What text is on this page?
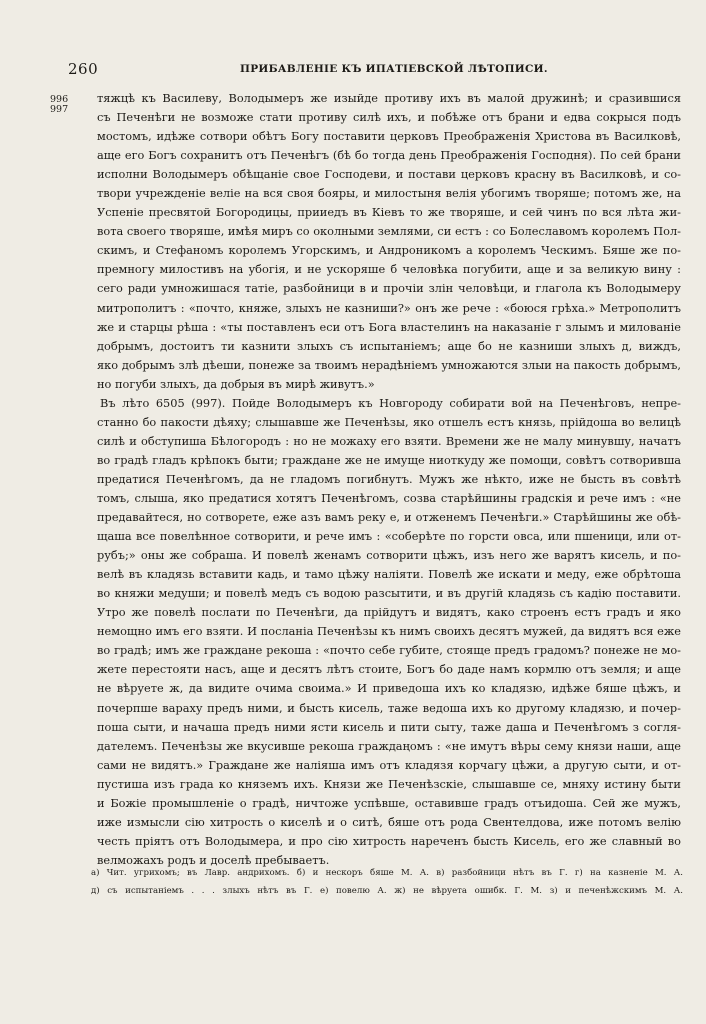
260	ПРИБАВЛЕНІЕ КЪ ИПАТІЕВСКОЙ ЛѢТОПИСИ.
996
997
тяжцѣ къ Василеву, Володымеръ же изыйде противу ихъ въ малой дружинѣ; и сразившися
съ Печенѣги не возможе стати противу силѣ ихъ, и побѣже отъ брани и едва сокрыся подъ
мостомъ, идѣже сотвори обѣтъ Богу поставити церковъ Преображенія Христова въ Василковѣ,
аще его Богъ сохранитъ отъ Печенѣгъ (бѣ бо тогда день Преображенія Господня). По сей брани
исполни Володымеръ обѣщаніе свое Господеви, и постави церковъ красну въ Василковѣ, и со-
твори учрежденіе веліе на вся своя бояры, и милостыня велія убогимъ творяше; потомъ же, на
Успеніе пресвятой Богородицы, прииедъ въ Кіевъ то же творяше, и сей чинъ по вся лѣта жи-
вота своего творяше, имѣя миръ со околными землями, си естъ : со Болеславомъ королемъ Пол-
скимъ, и Стефаномъ королемъ Угорскимъ, и Андроникомъ а королемъ Ческимъ. Бяше же по-
премногу милостивъ на убогія, и не ускоряше б человѣка погубити, аще и за великую вину :
сего ради умножишася татіе, разбойници в и прочіи злін человѣци, и глагола къ Володымеру
митрополитъ : «почто, княже, злыхъ не казниши?» онъ же рече : «боюся грѣха.» Метрополитъ
же и старцы рѣша : «ты поставленъ еси отъ Бога властелинъ на наказаніе г злымъ и милованіе
добрымъ, достоитъ ти казнити злыхъ съ испытаніемъ; аще бо не казниши злыхъ д, виждъ,
яко добрымъ злѣ дѣеши, понеже за твоимъ нерадѣніемъ умножаются злыи на пакость добрымъ,
но погуби злыхъ, да добрыя въ мирѣ живутъ.»
Въ лѣто 6505 (997). Пойде Володымеръ къ Новгороду собирати вой на Печенѣговъ, непре-
станно бо пакости дѣяху; слышавше же Печенѣзы, яко отшелъ естъ князь, прійдоша во велицѣ
силѣ и обступиша Бѣлогородъ : но не можаху его взяти. Времени же не малу минувшу, начатъ
во градѣ гладъ крѣпокъ быти; граждане же не имуще ниоткуду же помощи, совѣтъ сотворивша
предатися Печенѣгомъ, да не гладомъ погибнутъ. Мужъ же нѣкто, иже не бысть въ совѣтѣ
томъ, слыша, яко предатися хотятъ Печенѣгомъ, созва старѣйшины градскія и рече имъ : «не
предавайтеся, но сотворете, еже азъ вамъ реку е, и отженемъ Печенѣги.» Старѣйшины же обѣ-
щаша все повелѣнное сотворити, и рече имъ : «соберѣте по горсти овса, или пшеници, или от-
рубъ;» оны же собраша. И повелѣ женамъ сотворити цѣжъ, изъ него же варятъ кисель, и по-
велѣ въ кладязь вставити кадь, и тамо цѣжу наліяти. Повелѣ же искати и меду, еже обрѣтоша
во княжи медуши; и повелѣ медъ съ водою разсытити, и въ другій кладязь съ кадію поставити.
Утро же повелѣ послати по Печенѣги, да прійдутъ и видятъ, како строенъ естъ градъ и яко
немощно имъ его взяти. И посланіа Печенѣзы къ нимъ своихъ десятъ мужей, да видятъ вся еже
во градѣ; имъ же граждане рекоша : «почто себе губите, стояще предъ градомъ? понеже не мо-
жете перестояти насъ, аще и десятъ лѣтъ стоите, Богъ бо даде намъ кормлю отъ земля; и аще
не вѣруете ж, да видите очима своима.» И приведоша ихъ ко кладязю, идѣже бяше цѣжъ, и
почерпше вараху предъ ними, и бысть кисель, таже ведоша ихъ ко другому кладязю, и почер-
поша сыти, и начаша предъ ними ясти кисель и пити сыту, таже даша и Печенѣгомъ з согля-
дателемъ. Печенѣзы же вкусивше рекоша граждаңомъ : «не имутъ вѣры сему князи наши, аще
сами не видятъ.» Граждане же наліяша имъ отъ кладязя корчагу цѣжи, а другую сыти, и от-
пустиша изъ града ко княземъ ихъ. Князи же Печенѣзскіе, слышавше се, мняху истину быти
и Божіе промышленіе о градѣ, ничтоже успѣвше, оставивше градъ отъидоша. Сей же мужъ,
иже измысли сію хитрость о киселѣ и о ситѣ, бяше отъ рода Свентелдова, иже потомъ велію
честь пріятъ отъ Володымера, и про сію хитрость нареченъ бысть Кисель, его же славный во
велможахъ родъ и доселѣ пребываетъ.
а) Чит. угрихомъ; въ Лавр. андрихомъ. б) и нескоръ бяше М. А. в) разбойници нѣтъ въ Г. г) на казненіе М. А.
д) съ испытаніемъ . . . злыхъ нѣтъ въ Г. е) повелю А. ж) не вѣруета ошибк. Г. М. з) и печенѣжскимъ М. А.
